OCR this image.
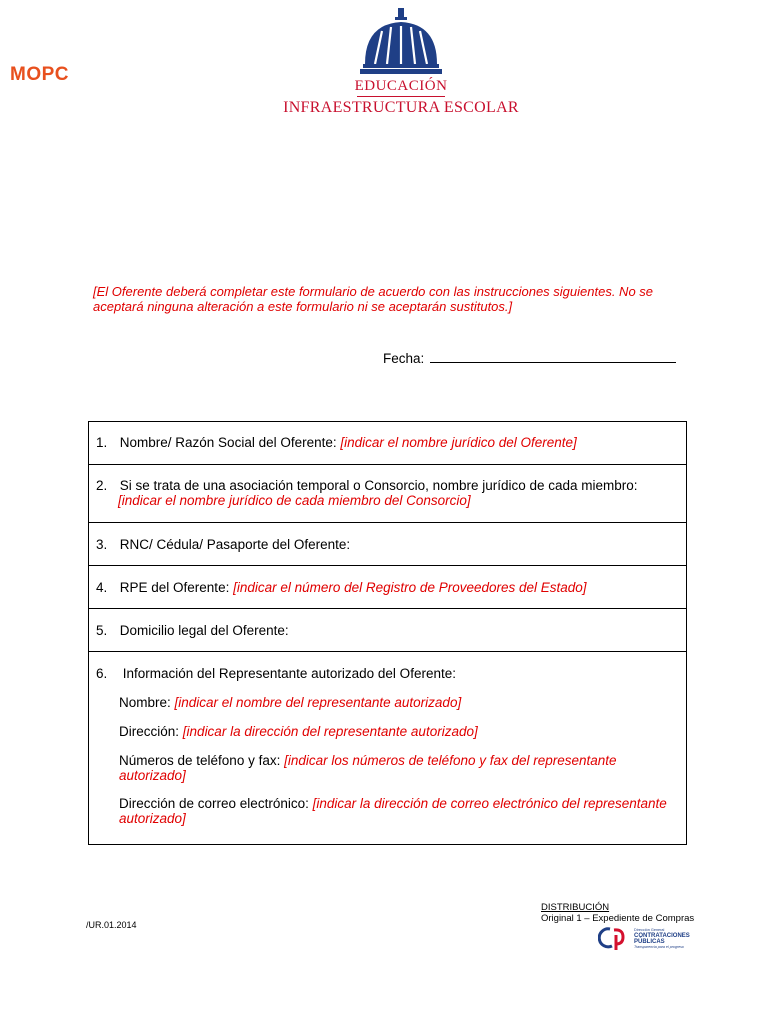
MOPC
EDUCACIÓN
INFRAESTRUCTURA ESCOLAR
[El Oferente deberá completar este formulario de acuerdo con las instrucciones siguientes. No se aceptará ninguna alteración a este formulario ni se aceptarán sustitutos.]
Fecha:
1. Nombre/ Razón Social del Oferente: [indicar el nombre jurídico del Oferente]
2. Si se trata de una asociación temporal o Consorcio, nombre jurídico de cada miembro:
[indicar el nombre jurídico de cada miembro del Consorcio]
3. RNC/ Cédula/ Pasaporte del Oferente:
4. RPE del Oferente: [indicar el número del Registro de Proveedores del Estado]
5. Domicilio legal del Oferente:
6. Información del Representante autorizado del Oferente:
Nombre: [indicar el nombre del representante autorizado]
Dirección: [indicar la dirección del representante autorizado]
Números de teléfono y fax: [indicar los números de teléfono y fax del representante autorizado]
Dirección de correo electrónico: [indicar la dirección de correo electrónico del representante autorizado]
/UR.01.2014
DISTRIBUCIÓN
Original 1 – Expediente de Compras
Dirección General
CONTRATACIONES
PÚBLICAS
Transparencia para el progreso
